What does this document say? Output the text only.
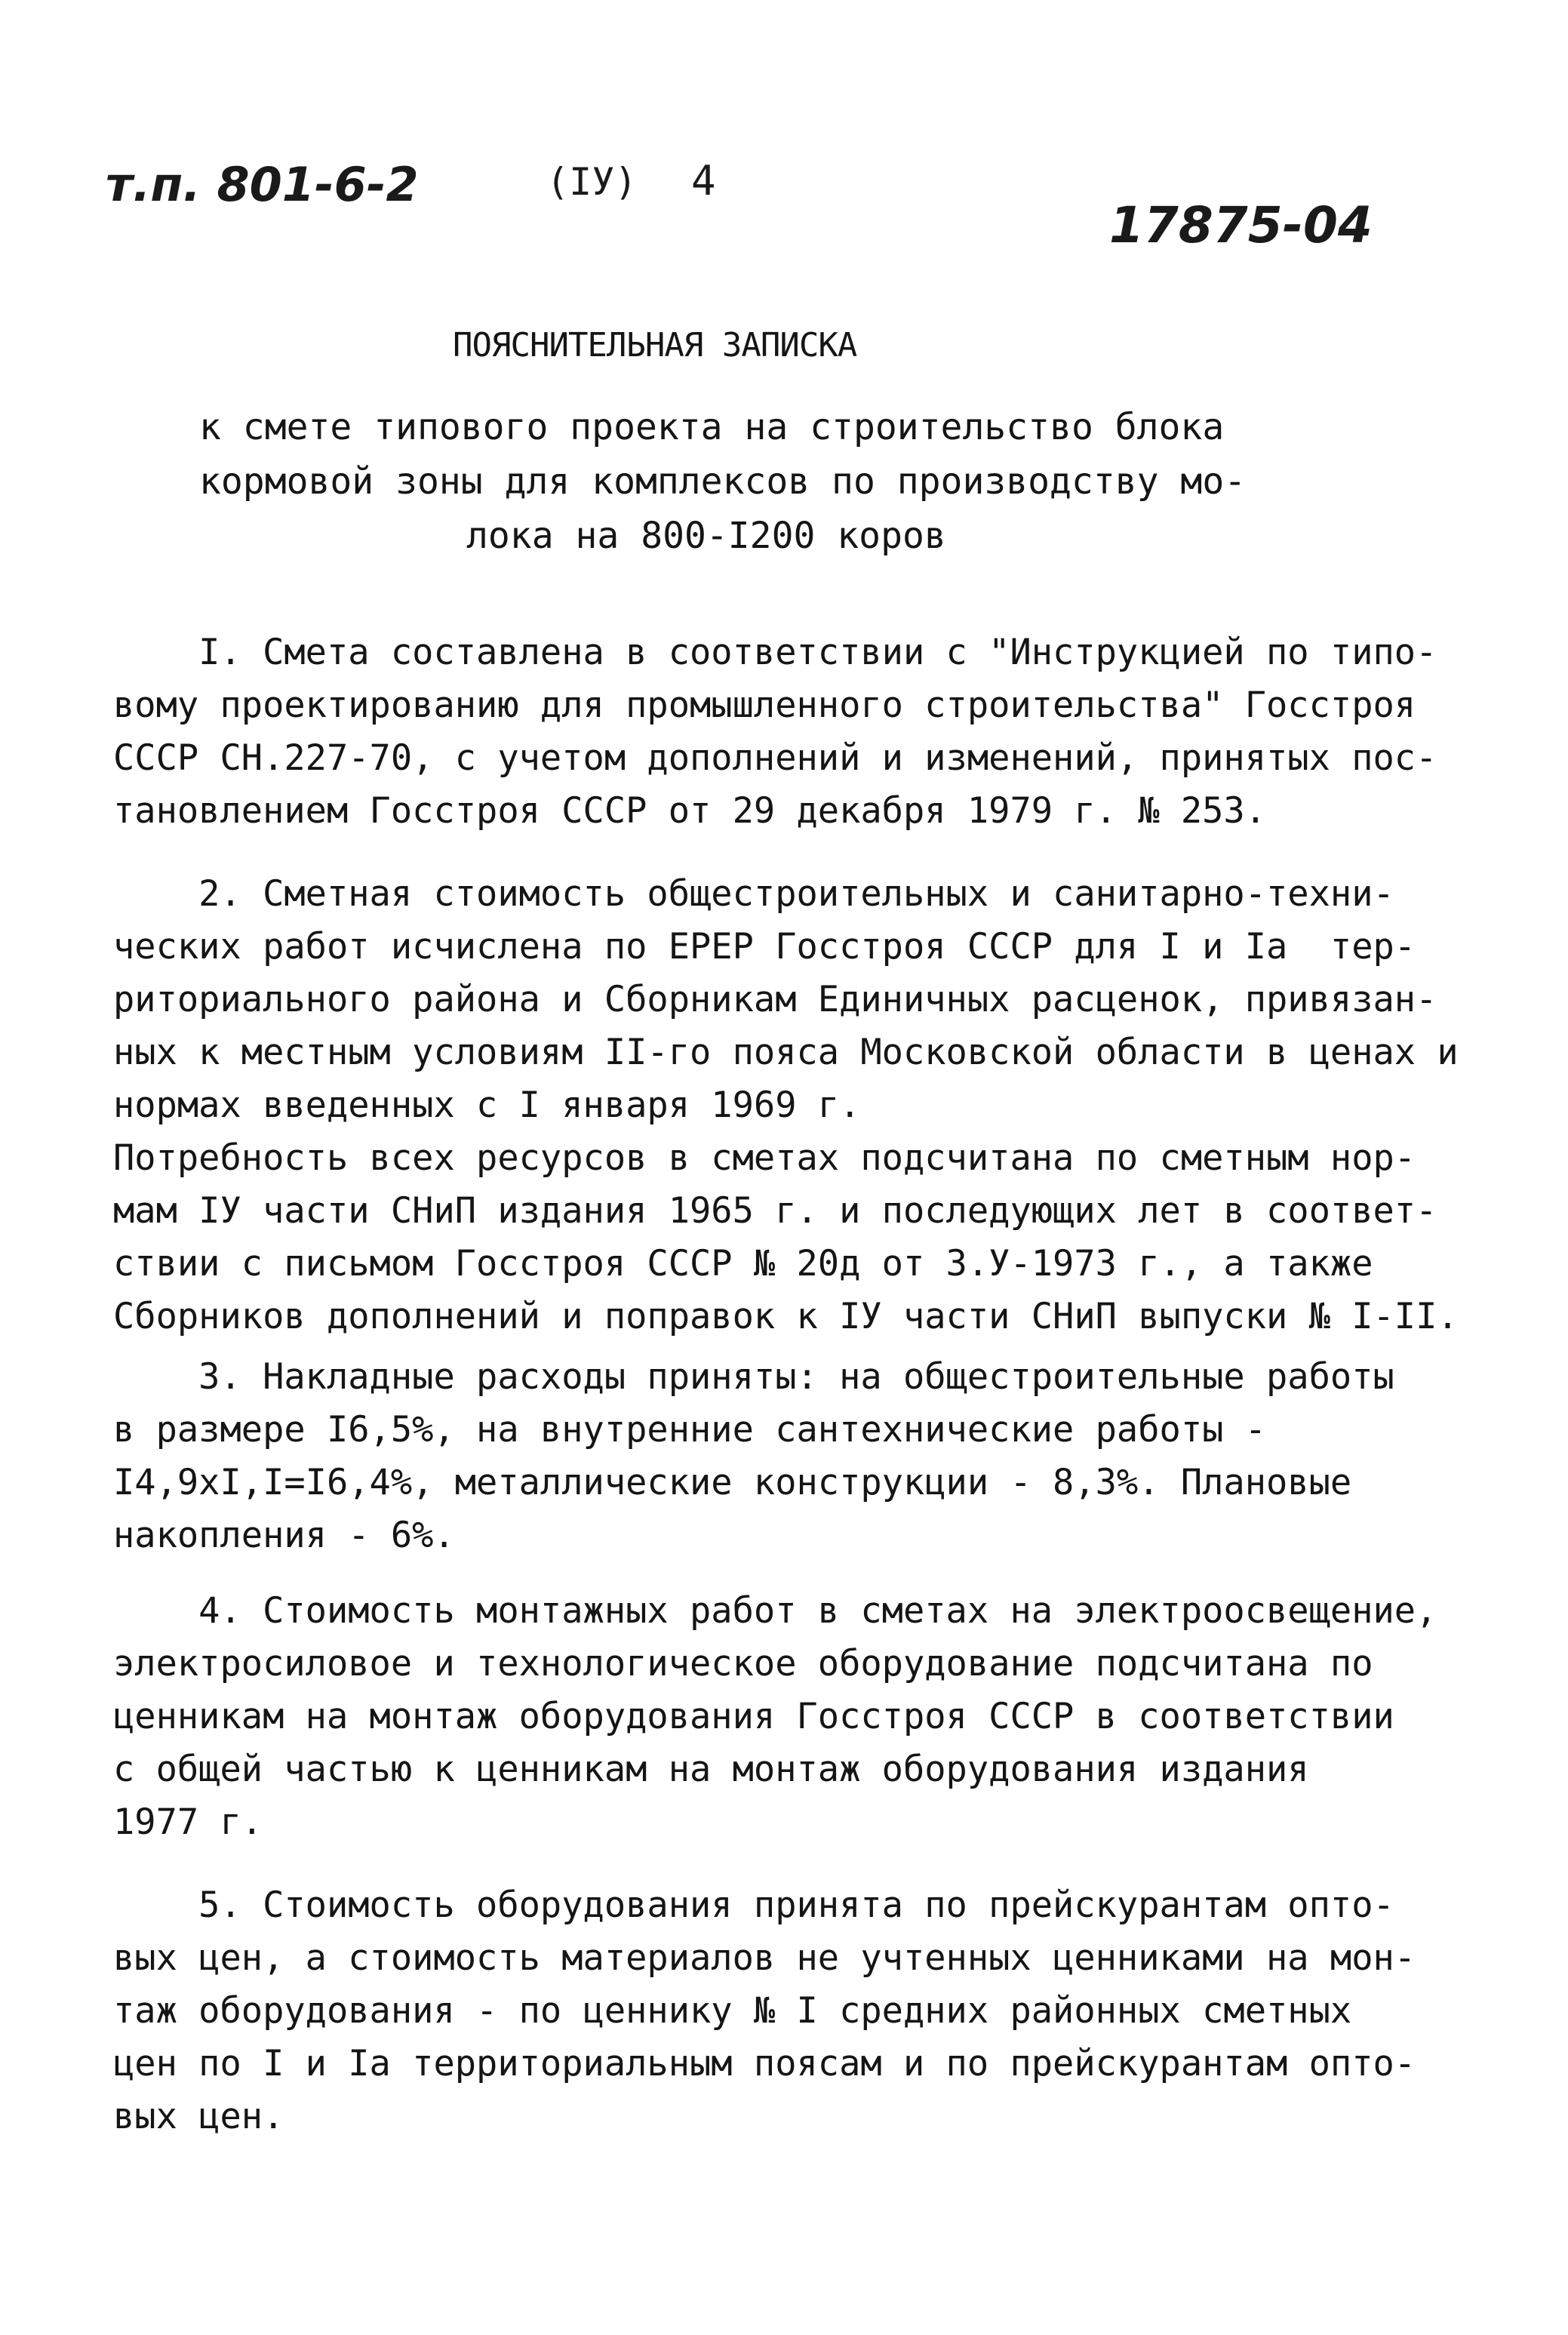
т.п. 801-6-2	(IУ) 4
17875-04
ПОЯСНИТЕЛЬНАЯ ЗАПИСКА
к смете типового проекта на строительство блока
кормовой зоны для комплексов по производству мо-
лока на 800-I200 коров
I. Смета составлена в соответствии с "Инструкцией по типо-
вому проектированию для промышленного строительства" Госстроя
СССР СН.227-70, с учетом дополнений и изменений, принятых пос-
тановлением Госстроя СССР от 29 декабря 1979 г. № 253.
2. Сметная стоимость общестроительных и санитарно-техни-
ческих работ исчислена по ЕРЕР Госстроя СССР для I и Iа  тер-
риториального района и Сборникам Единичных расценок, привязан-
ных к местным условиям II-го пояса Московской области в ценах и
нормах введенных с I января 1969 г.
Потребность всех ресурсов в сметах подсчитана по сметным нор-
мам IУ части СНиП издания 1965 г. и последующих лет в соответ-
ствии с письмом Госстроя СССР № 20д от 3.У-1973 г., а также
Сборников дополнений и поправок к IУ части СНиП выпуски № I-II.
3. Накладные расходы приняты: на общестроительные работы
в размере I6,5%, на внутренние сантехнические работы -
I4,9хI,I=I6,4%, металлические конструкции - 8,3%. Плановые
накопления - 6%.
4. Стоимость монтажных работ в сметах на электроосвещение,
электросиловое и технологическое оборудование подсчитана по
ценникам на монтаж оборудования Госстроя СССР в соответствии
с общей частью к ценникам на монтаж оборудования издания
1977 г.
5. Стоимость оборудования принята по прейскурантам опто-
вых цен, а стоимость материалов не учтенных ценниками на мон-
таж оборудования - по ценнику № I средних районных сметных
цен по I и Iа территориальным поясам и по прейскурантам опто-
вых цен.
